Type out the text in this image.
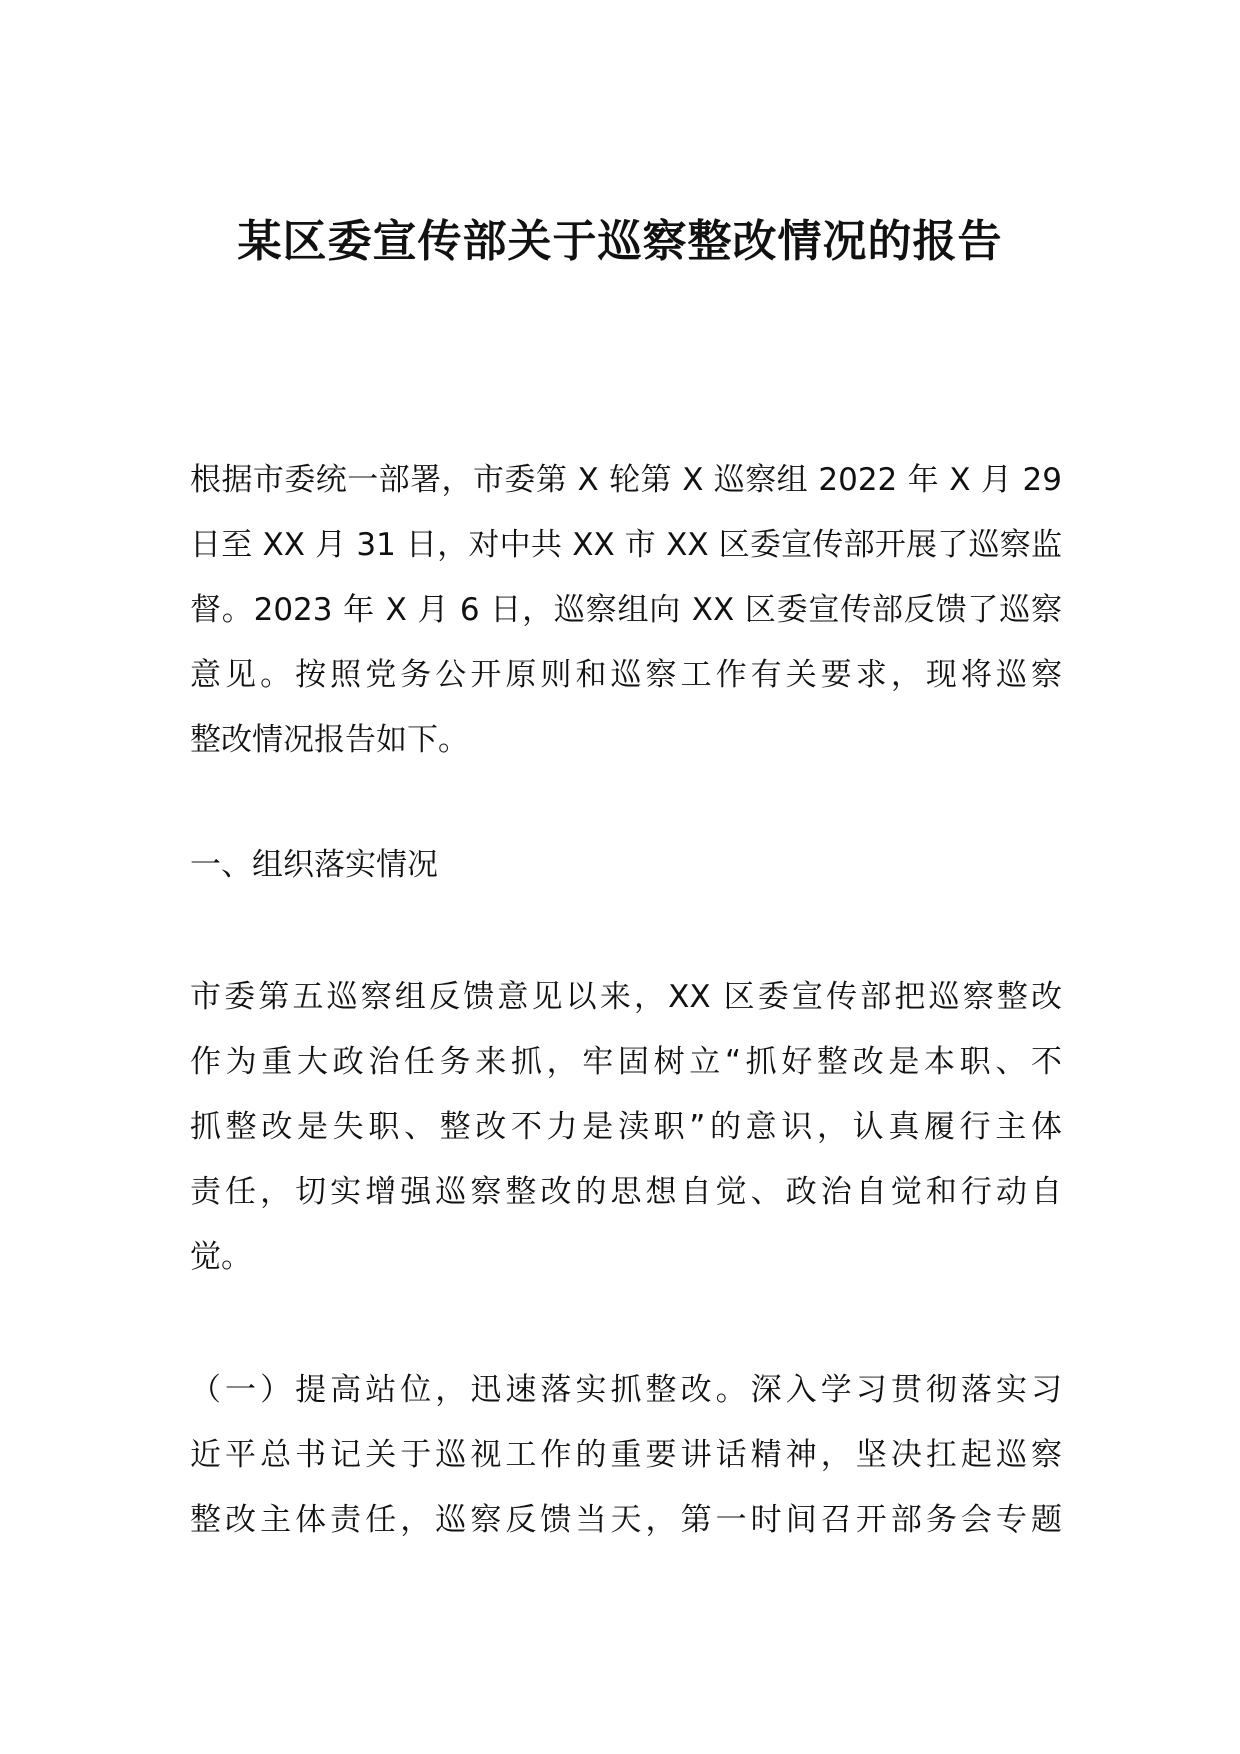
某区委宣传部关于巡察整改情况的报告
根据市委统一部署，市委第 X 轮第 X 巡察组 2022 年 X 月 29
日至 XX 月 31 日，对中共 XX 市 XX 区委宣传部开展了巡察监
督。2023 年 X 月 6 日，巡察组向 XX 区委宣传部反馈了巡察
意见。按照党务公开原则和巡察工作有关要求，现将巡察
整改情况报告如下。
一、组织落实情况
市委第五巡察组反馈意见以来，XX 区委宣传部把巡察整改
作为重大政治任务来抓，牢固树立“抓好整改是本职、不
抓整改是失职、整改不力是渎职”的意识，认真履行主体
责任，切实增强巡察整改的思想自觉、政治自觉和行动自
觉。
（一）提高站位，迅速落实抓整改。深入学习贯彻落实习
近平总书记关于巡视工作的重要讲话精神，坚决扛起巡察
整改主体责任，巡察反馈当天，第一时间召开部务会专题
